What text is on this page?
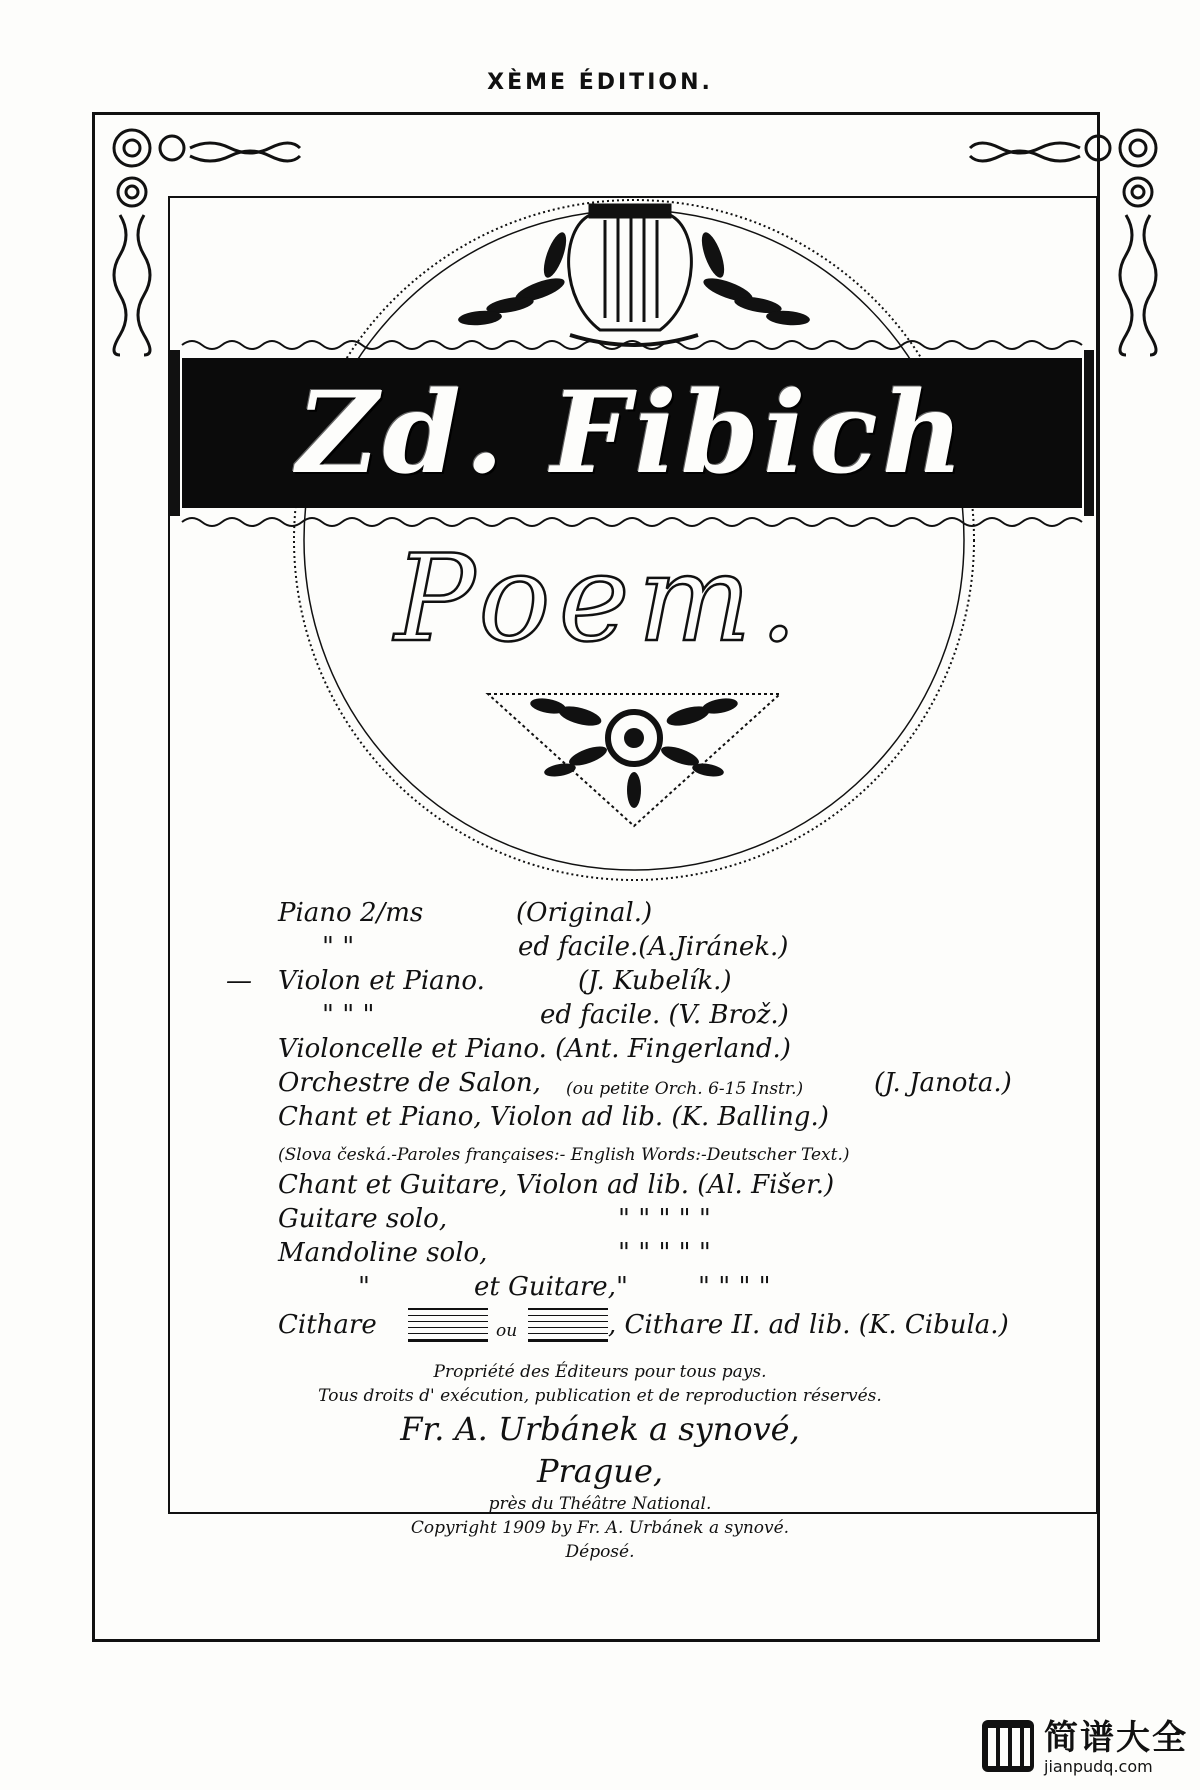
XÈME ÉDITION.
Zd. Fibich
Poem.
Piano 2/ms	(Original.)
" "	ed facile.(A.Jiránek.)
— Violon et Piano.	(J. Kubelík.)
" " "	ed facile. (V. Brož.)
Violoncelle et Piano. (Ant. Fingerland.)
Orchestre de Salon, (ou petite Orch. 6-15 Instr.)	(J. Janota.)
Chant et Piano, Violon ad lib. (K. Balling.)
(Slova česká.-Paroles françaises:- English Words:-Deutscher Text.)
Chant et Guitare, Violon ad lib. (Al. Fišer.)
Guitare solo,	" " " " "
Mandoline solo,	" " " " "
"	et Guitare,"	" " " "
Cithare	ou	, Cithare II. ad lib. (K. Cibula.)
Propriété des Éditeurs pour tous pays.
Tous droits d' exécution, publication et de reproduction réservés.
Fr. A. Urbánek a synové,
Prague,
près du Théâtre National.
Copyright 1909 by Fr. A. Urbánek a synové.
Déposé.
简谱大全
jianpudq.com
